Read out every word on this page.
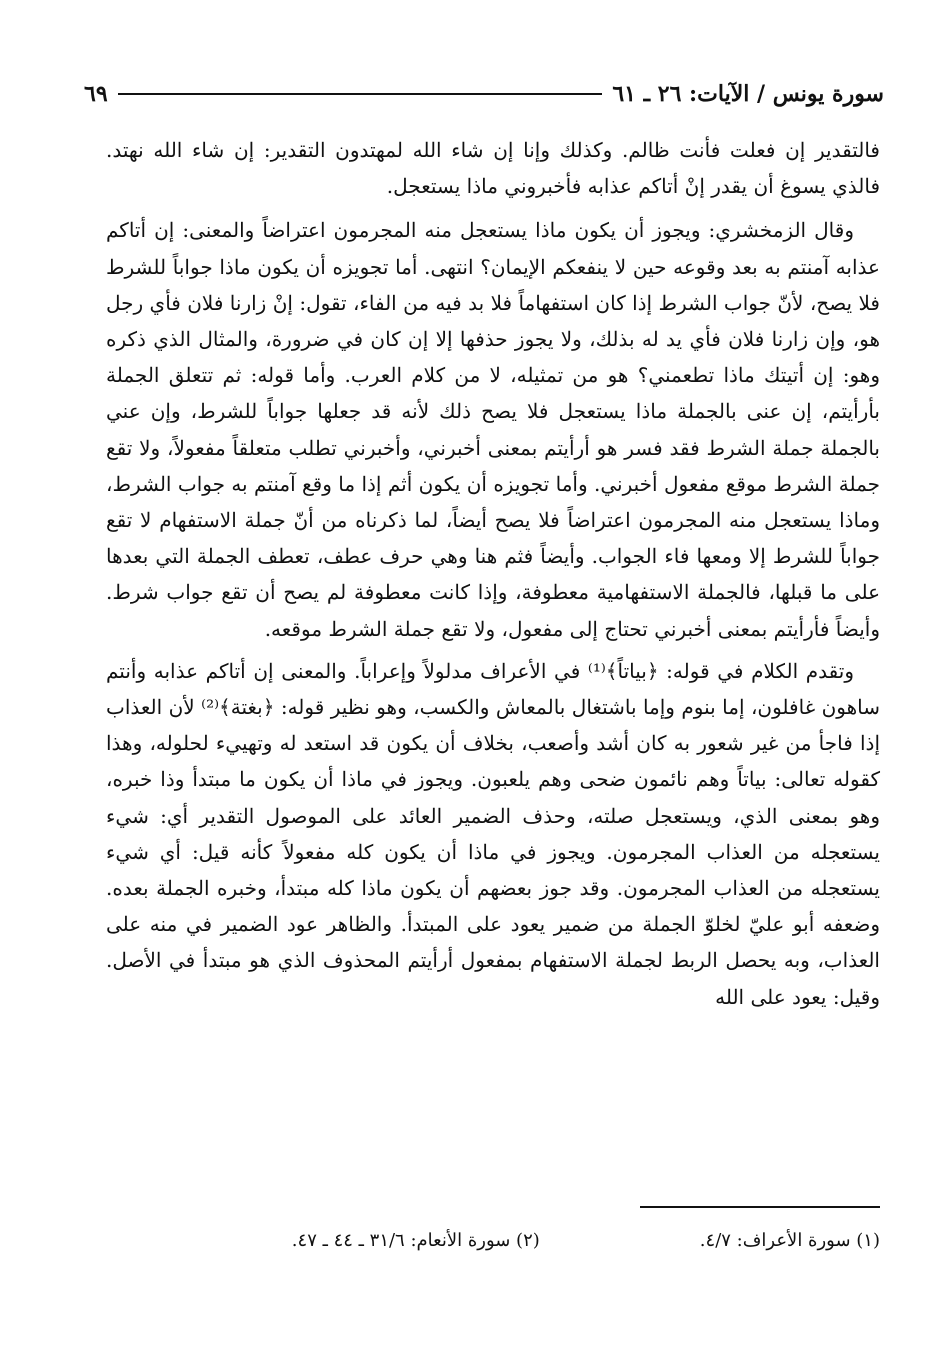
سورة يونس / الآيات: ٢٦ ـ ٦١
٦٩

فالتقدير إن فعلت فأنت ظالم. وكذلك وإنا إن شاء الله لمهتدون التقدير: إن شاء الله نهتد. فالذي يسوغ أن يقدر إنْ أتاكم عذابه فأخبروني ماذا يستعجل.

وقال الزمخشري: ويجوز أن يكون ماذا يستعجل منه المجرمون اعتراضاً والمعنى: إن أتاكم عذابه آمنتم به بعد وقوعه حين لا ينفعكم الإيمان؟ انتهى. أما تجويزه أن يكون ماذا جواباً للشرط فلا يصح، لأنّ جواب الشرط إذا كان استفهاماً فلا بد فيه من الفاء، تقول: إنْ زارنا فلان فأي رجل هو، وإن زارنا فلان فأي يد له بذلك، ولا يجوز حذفها إلا إن كان في ضرورة، والمثال الذي ذكره وهو: إن أتيتك ماذا تطعمني؟ هو من تمثيله، لا من كلام العرب. وأما قوله: ثم تتعلق الجملة بأرأيتم، إن عنى بالجملة ماذا يستعجل فلا يصح ذلك لأنه قد جعلها جواباً للشرط، وإن عني بالجملة جملة الشرط فقد فسر هو أرأيتم بمعنى أخبرني، وأخبرني تطلب متعلقاً مفعولاً، ولا تقع جملة الشرط موقع مفعول أخبرني. وأما تجويزه أن يكون أثم إذا ما وقع آمنتم به جواب الشرط، وماذا يستعجل منه المجرمون اعتراضاً فلا يصح أيضاً، لما ذكرناه من أنّ جملة الاستفهام لا تقع جواباً للشرط إلا ومعها فاء الجواب. وأيضاً فثم هنا وهي حرف عطف، تعطف الجملة التي بعدها على ما قبلها، فالجملة الاستفهامية معطوفة، وإذا كانت معطوفة لم يصح أن تقع جواب شرط. وأيضاً فأرأيتم بمعنى أخبرني تحتاج إلى مفعول، ولا تقع جملة الشرط موقعه.

وتقدم الكلام في قوله: ﴿بياتاً﴾⁽¹⁾ في الأعراف مدلولاً وإعراباً. والمعنى إن أتاكم عذابه وأنتم ساهون غافلون، إما بنوم وإما باشتغال بالمعاش والكسب، وهو نظير قوله: ﴿بغتة﴾⁽²⁾ لأن العذاب إذا فاجأ من غير شعور به كان أشد وأصعب، بخلاف أن يكون قد استعد له وتهييء لحلوله، وهذا كقوله تعالى: بياتاً وهم نائمون ضحى وهم يلعبون. ويجوز في ماذا أن يكون ما مبتدأ وذا خبره، وهو بمعنى الذي، ويستعجل صلته، وحذف الضمير العائد على الموصول التقدير أي: شيء يستعجله من العذاب المجرمون. ويجوز في ماذا أن يكون كله مفعولاً كأنه قيل: أي شيء يستعجله من العذاب المجرمون. وقد جوز بعضهم أن يكون ماذا كله مبتدأ، وخبره الجملة بعده. وضعفه أبو عليّ لخلوّ الجملة من ضمير يعود على المبتدأ. والظاهر عود الضمير في منه على العذاب، وبه يحصل الربط لجملة الاستفهام بمفعول أرأيتم المحذوف الذي هو مبتدأ في الأصل. وقيل: يعود على الله

(١) سورة الأعراف: ٤/٧.
(٢) سورة الأنعام: ٣١/٦ ـ ٤٤ ـ ٤٧.
